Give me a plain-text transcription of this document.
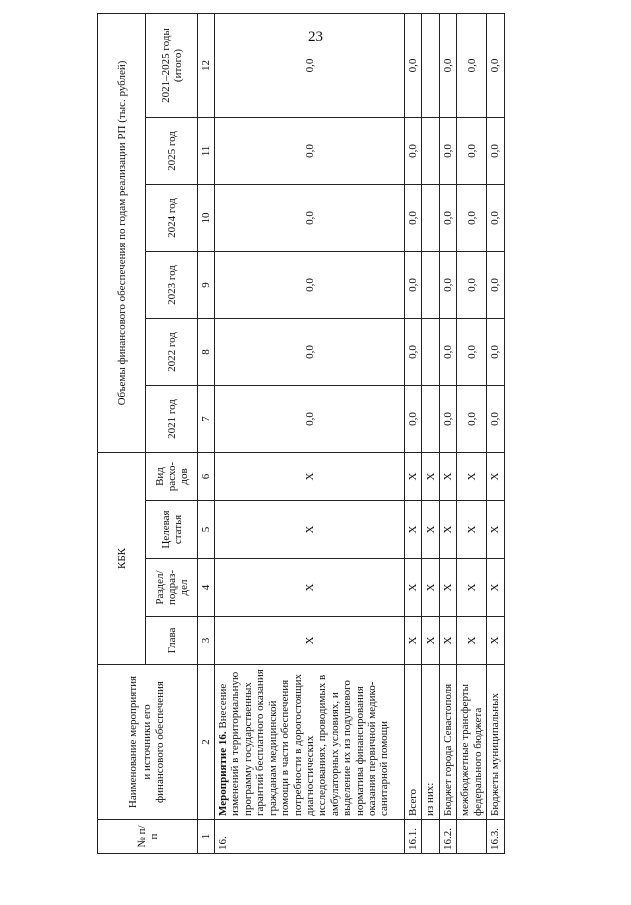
23
№ п/п	Наименование мероприятия и источники его финансового обеспечения	КБК				Объемы финансового обеспечения по годам реализации РП (тыс. рублей)					
		Глава	Раздел/ подраз- дел	Целевая статья	Вид расхо- дов	2021 год	2022 год	2023 год	2024 год	2025 год	2021–2025 годы (итого)
1	2	3	4	5	6	7	8	9	10	11	12
16.	Мероприятие 16. Внесение изменений в территориальную программу государственных гарантий бесплатного оказания гражданам медицинской помощи в части обеспечения потребности в дорогостоящих диагностических исследованиях, проводимых в амбулаторных условиях, и выделение их из подушевого норматива финансирования оказания первичной медико-санитарной помощи	X	X	X	X	0,0	0,0	0,0	0,0	0,0	0,0
16.1.	Всего	X	X	X	X	0,0	0,0	0,0	0,0	0,0	0,0
	из них:	X	X	X	X						
16.2.	Бюджет города Севастополя	X	X	X	X	0,0	0,0	0,0	0,0	0,0	0,0
	межбюджетные трансферты федерального бюджета	X	X	X	X	0,0	0,0	0,0	0,0	0,0	0,0
16.3.	Бюджеты муниципальных	X	X	X	X	0,0	0,0	0,0	0,0	0,0	0,0
